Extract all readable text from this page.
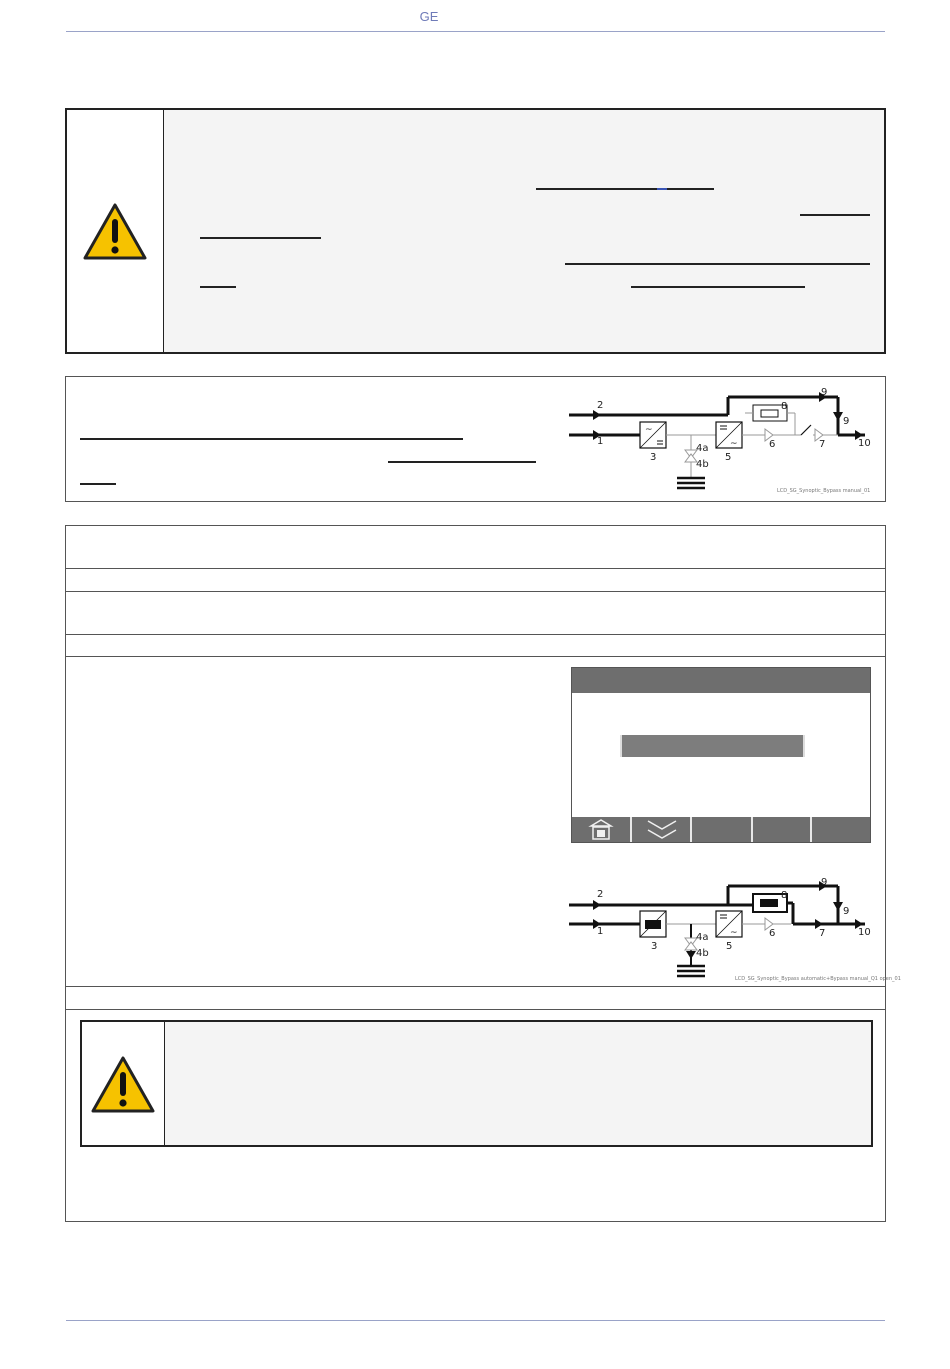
GE
~
~
1
2
3
4a
4b
5
6	7
8
9
9
10
LCD_SG_Synoptic_Bypass manual_01
~
1
2
3
4a
4b
5
6	7
8
9
9
10
LCD_SG_Synoptic_Bypass automatic+Bypass manual_Q1 open_01
